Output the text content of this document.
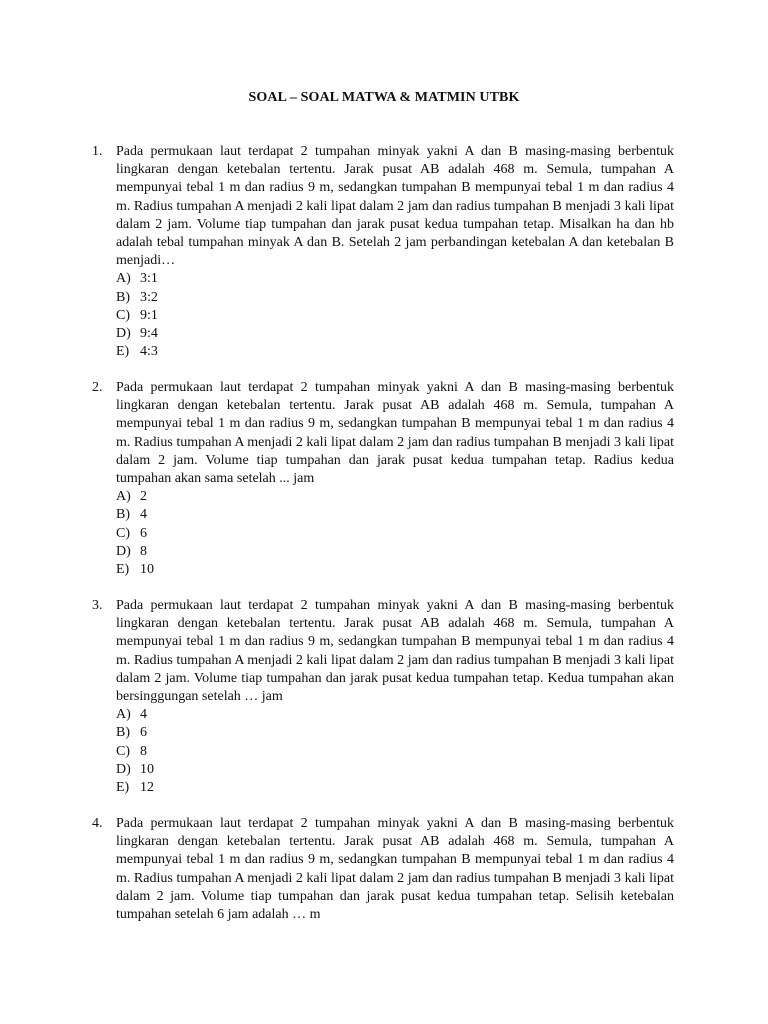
SOAL – SOAL MATWA & MATMIN UTBK
1. Pada permukaan laut terdapat 2 tumpahan minyak yakni A dan B masing-masing berbentuk lingkaran dengan ketebalan tertentu. Jarak pusat AB adalah 468 m. Semula, tumpahan A mempunyai tebal 1 m dan radius 9 m, sedangkan tumpahan B mempunyai tebal 1 m dan radius 4 m. Radius tumpahan A menjadi 2 kali lipat dalam 2 jam dan radius tumpahan B menjadi 3 kali lipat dalam 2 jam. Volume tiap tumpahan dan jarak pusat kedua tumpahan tetap. Misalkan ha dan hb adalah tebal tumpahan minyak A dan B. Setelah 2 jam perbandingan ketebalan A dan ketebalan B menjadi…
A) 3:1
B) 3:2
C) 9:1
D) 9:4
E) 4:3
2. Pada permukaan laut terdapat 2 tumpahan minyak yakni A dan B masing-masing berbentuk lingkaran dengan ketebalan tertentu. Jarak pusat AB adalah 468 m. Semula, tumpahan A mempunyai tebal 1 m dan radius 9 m, sedangkan tumpahan B mempunyai tebal 1 m dan radius 4 m. Radius tumpahan A menjadi 2 kali lipat dalam 2 jam dan radius tumpahan B menjadi 3 kali lipat dalam 2 jam. Volume tiap tumpahan dan jarak pusat kedua tumpahan tetap. Radius kedua tumpahan akan sama setelah ... jam
A) 2
B) 4
C) 6
D) 8
E) 10
3. Pada permukaan laut terdapat 2 tumpahan minyak yakni A dan B masing-masing berbentuk lingkaran dengan ketebalan tertentu. Jarak pusat AB adalah 468 m. Semula, tumpahan A mempunyai tebal 1 m dan radius 9 m, sedangkan tumpahan B mempunyai tebal 1 m dan radius 4 m. Radius tumpahan A menjadi 2 kali lipat dalam 2 jam dan radius tumpahan B menjadi 3 kali lipat dalam 2 jam. Volume tiap tumpahan dan jarak pusat kedua tumpahan tetap. Kedua tumpahan akan bersinggungan setelah … jam
A) 4
B) 6
C) 8
D) 10
E) 12
4. Pada permukaan laut terdapat 2 tumpahan minyak yakni A dan B masing-masing berbentuk lingkaran dengan ketebalan tertentu. Jarak pusat AB adalah 468 m. Semula, tumpahan A mempunyai tebal 1 m dan radius 9 m, sedangkan tumpahan B mempunyai tebal 1 m dan radius 4 m. Radius tumpahan A menjadi 2 kali lipat dalam 2 jam dan radius tumpahan B menjadi 3 kali lipat dalam 2 jam. Volume tiap tumpahan dan jarak pusat kedua tumpahan tetap. Selisih ketebalan tumpahan setelah 6 jam adalah … m
